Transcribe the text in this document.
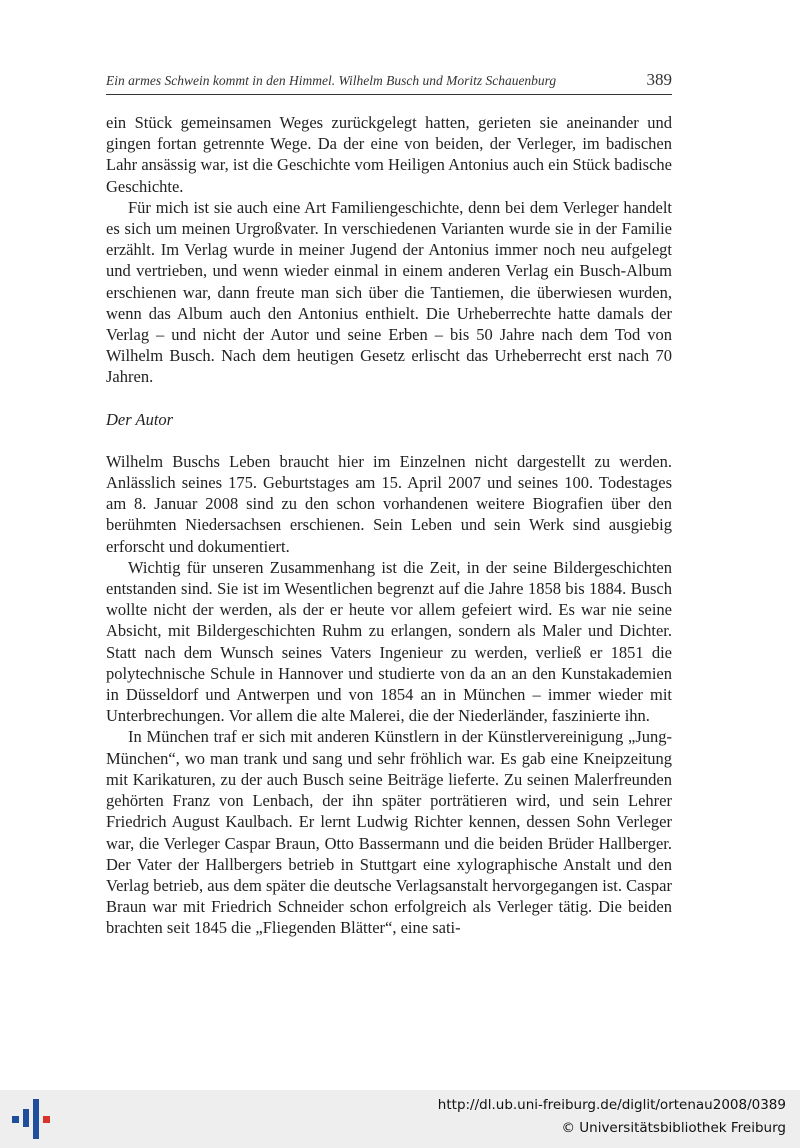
Ein armes Schwein kommt in den Himmel. Wilhelm Busch und Moritz Schauenburg	389

ein Stück gemeinsamen Weges zurückgelegt hatten, gerieten sie aneinander und gingen fortan getrennte Wege. Da der eine von beiden, der Verleger, im badischen Lahr ansässig war, ist die Geschichte vom Heiligen Antonius auch ein Stück badische Geschichte.

Für mich ist sie auch eine Art Familiengeschichte, denn bei dem Verleger handelt es sich um meinen Urgroßvater. In verschiedenen Varianten wurde sie in der Familie erzählt. Im Verlag wurde in meiner Jugend der Antonius immer noch neu aufgelegt und vertrieben, und wenn wieder einmal in einem anderen Verlag ein Busch-Album erschienen war, dann freute man sich über die Tantiemen, die überwiesen wurden, wenn das Album auch den Antonius enthielt. Die Urheberrechte hatte damals der Verlag – und nicht der Autor und seine Erben – bis 50 Jahre nach dem Tod von Wilhelm Busch. Nach dem heutigen Gesetz erlischt das Urheberrecht erst nach 70 Jahren.

Der Autor

Wilhelm Buschs Leben braucht hier im Einzelnen nicht dargestellt zu werden. Anlässlich seines 175. Geburtstages am 15. April 2007 und seines 100. Todestages am 8. Januar 2008 sind zu den schon vorhandenen weitere Biografien über den berühmten Niedersachsen erschienen. Sein Leben und sein Werk sind ausgiebig erforscht und dokumentiert.

Wichtig für unseren Zusammenhang ist die Zeit, in der seine Bildergeschichten entstanden sind. Sie ist im Wesentlichen begrenzt auf die Jahre 1858 bis 1884. Busch wollte nicht der werden, als der er heute vor allem gefeiert wird. Es war nie seine Absicht, mit Bildergeschichten Ruhm zu erlangen, sondern als Maler und Dichter. Statt nach dem Wunsch seines Vaters Ingenieur zu werden, verließ er 1851 die polytechnische Schule in Hannover und studierte von da an an den Kunstakademien in Düsseldorf und Antwerpen und von 1854 an in München – immer wieder mit Unterbrechungen. Vor allem die alte Malerei, die der Niederländer, faszinierte ihn.

In München traf er sich mit anderen Künstlern in der Künstlervereinigung „Jung-München“, wo man trank und sang und sehr fröhlich war. Es gab eine Kneipzeitung mit Karikaturen, zu der auch Busch seine Beiträge lieferte. Zu seinen Malerfreunden gehörten Franz von Lenbach, der ihn später porträtieren wird, und sein Lehrer Friedrich August Kaulbach. Er lernt Ludwig Richter kennen, dessen Sohn Verleger war, die Verleger Caspar Braun, Otto Bassermann und die beiden Brüder Hallberger. Der Vater der Hallbergers betrieb in Stuttgart eine xylographische Anstalt und den Verlag betrieb, aus dem später die deutsche Verlagsanstalt hervorgegangen ist. Caspar Braun war mit Friedrich Schneider schon erfolgreich als Verleger tätig. Die beiden brachten seit 1845 die „Fliegenden Blätter“, eine sati-

http://dl.ub.uni-freiburg.de/diglit/ortenau2008/0389
© Universitätsbibliothek Freiburg
